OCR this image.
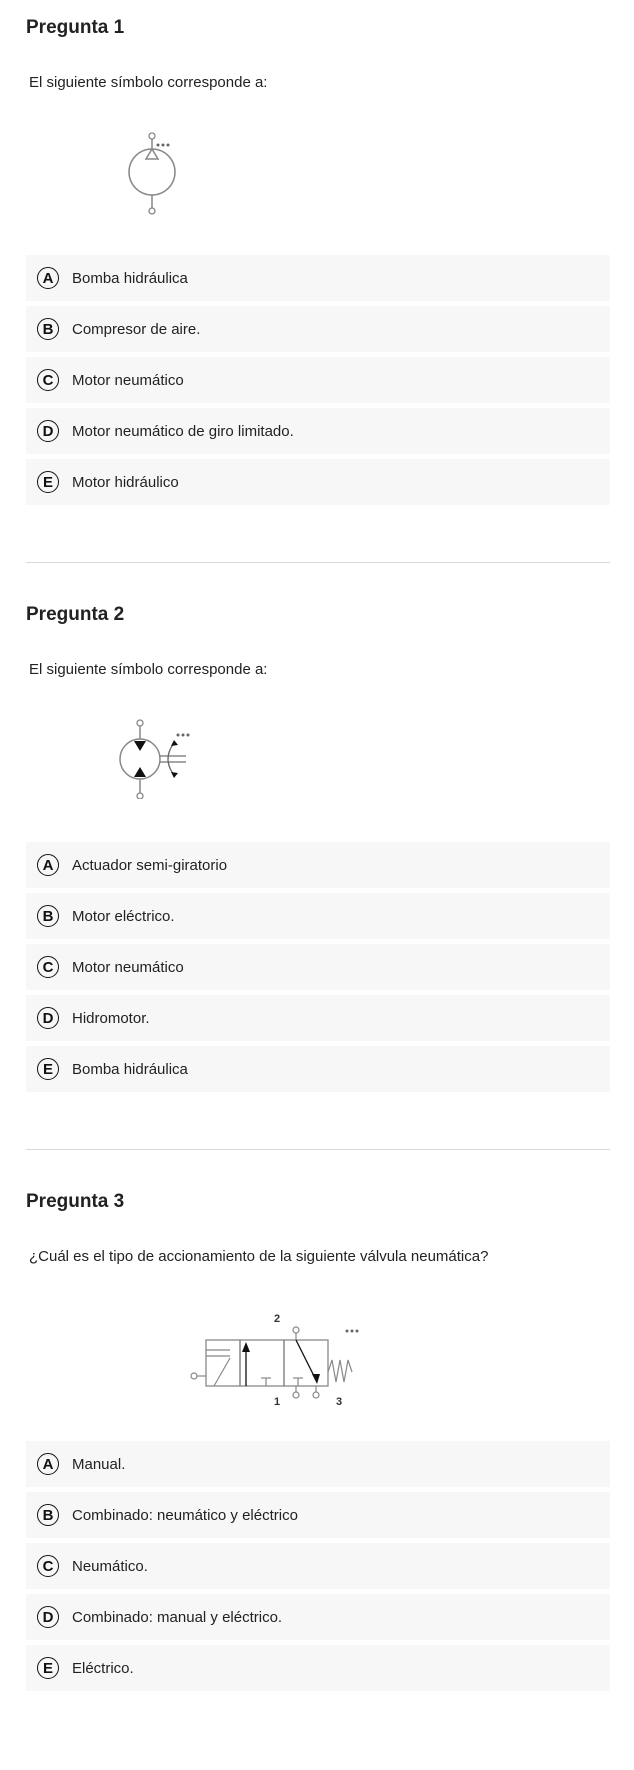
Pregunta 1
El siguiente símbolo corresponde a:
A	Bomba hidráulica
B	Compresor de aire.
C	Motor neumático
D	Motor neumático de giro limitado.
E	Motor hidráulico
Pregunta 2
El siguiente símbolo corresponde a:
A	Actuador semi-giratorio
B	Motor eléctrico.
C	Motor neumático
D	Hidromotor.
E	Bomba hidráulica
Pregunta 3
¿Cuál es el tipo de accionamiento de la siguiente válvula neumática?
2
1	3
A	Manual.
B	Combinado: neumático y eléctrico
C	Neumático.
D	Combinado: manual y eléctrico.
E	Eléctrico.
